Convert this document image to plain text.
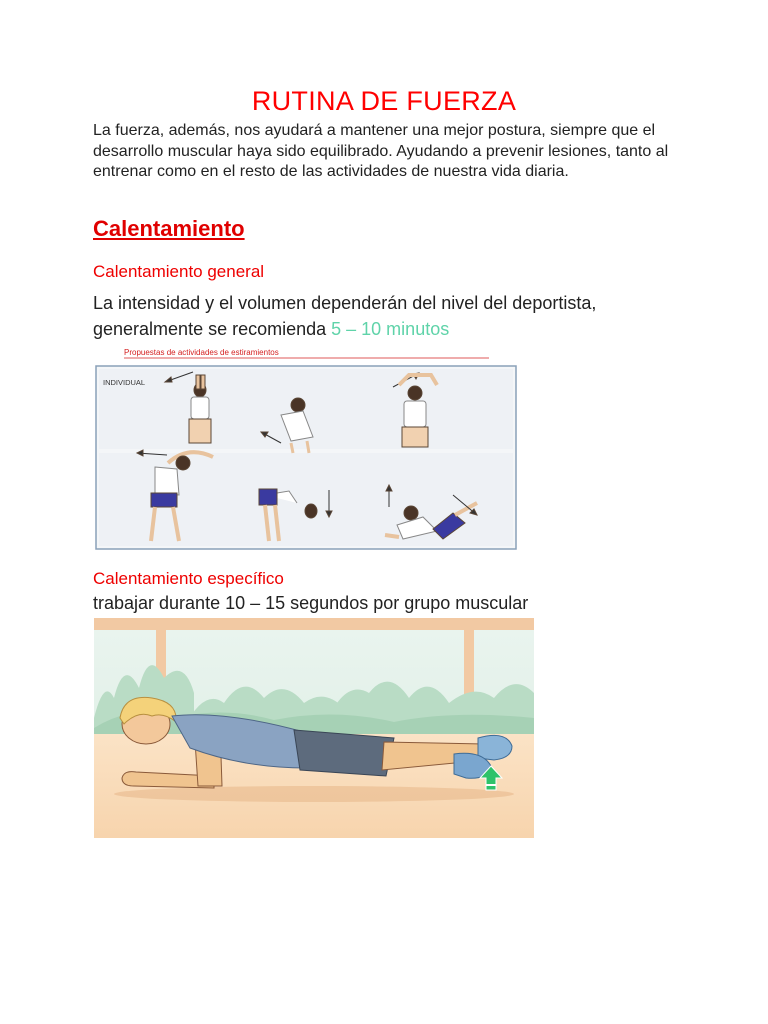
RUTINA DE FUERZA
La fuerza, además, nos ayudará a mantener una mejor postura, siempre que el desarrollo muscular haya sido equilibrado. Ayudando a prevenir lesiones, tanto al entrenar como en el resto de las actividades de nuestra vida diaria.
Calentamiento
Calentamiento general
La intensidad y el volumen dependerán del nivel del deportista, generalmente se recomienda 5 – 10 minutos
Propuestas de actividades de estiramientos
INDIVIDUAL
Calentamiento específico
trabajar durante 10 – 15 segundos por grupo muscular
